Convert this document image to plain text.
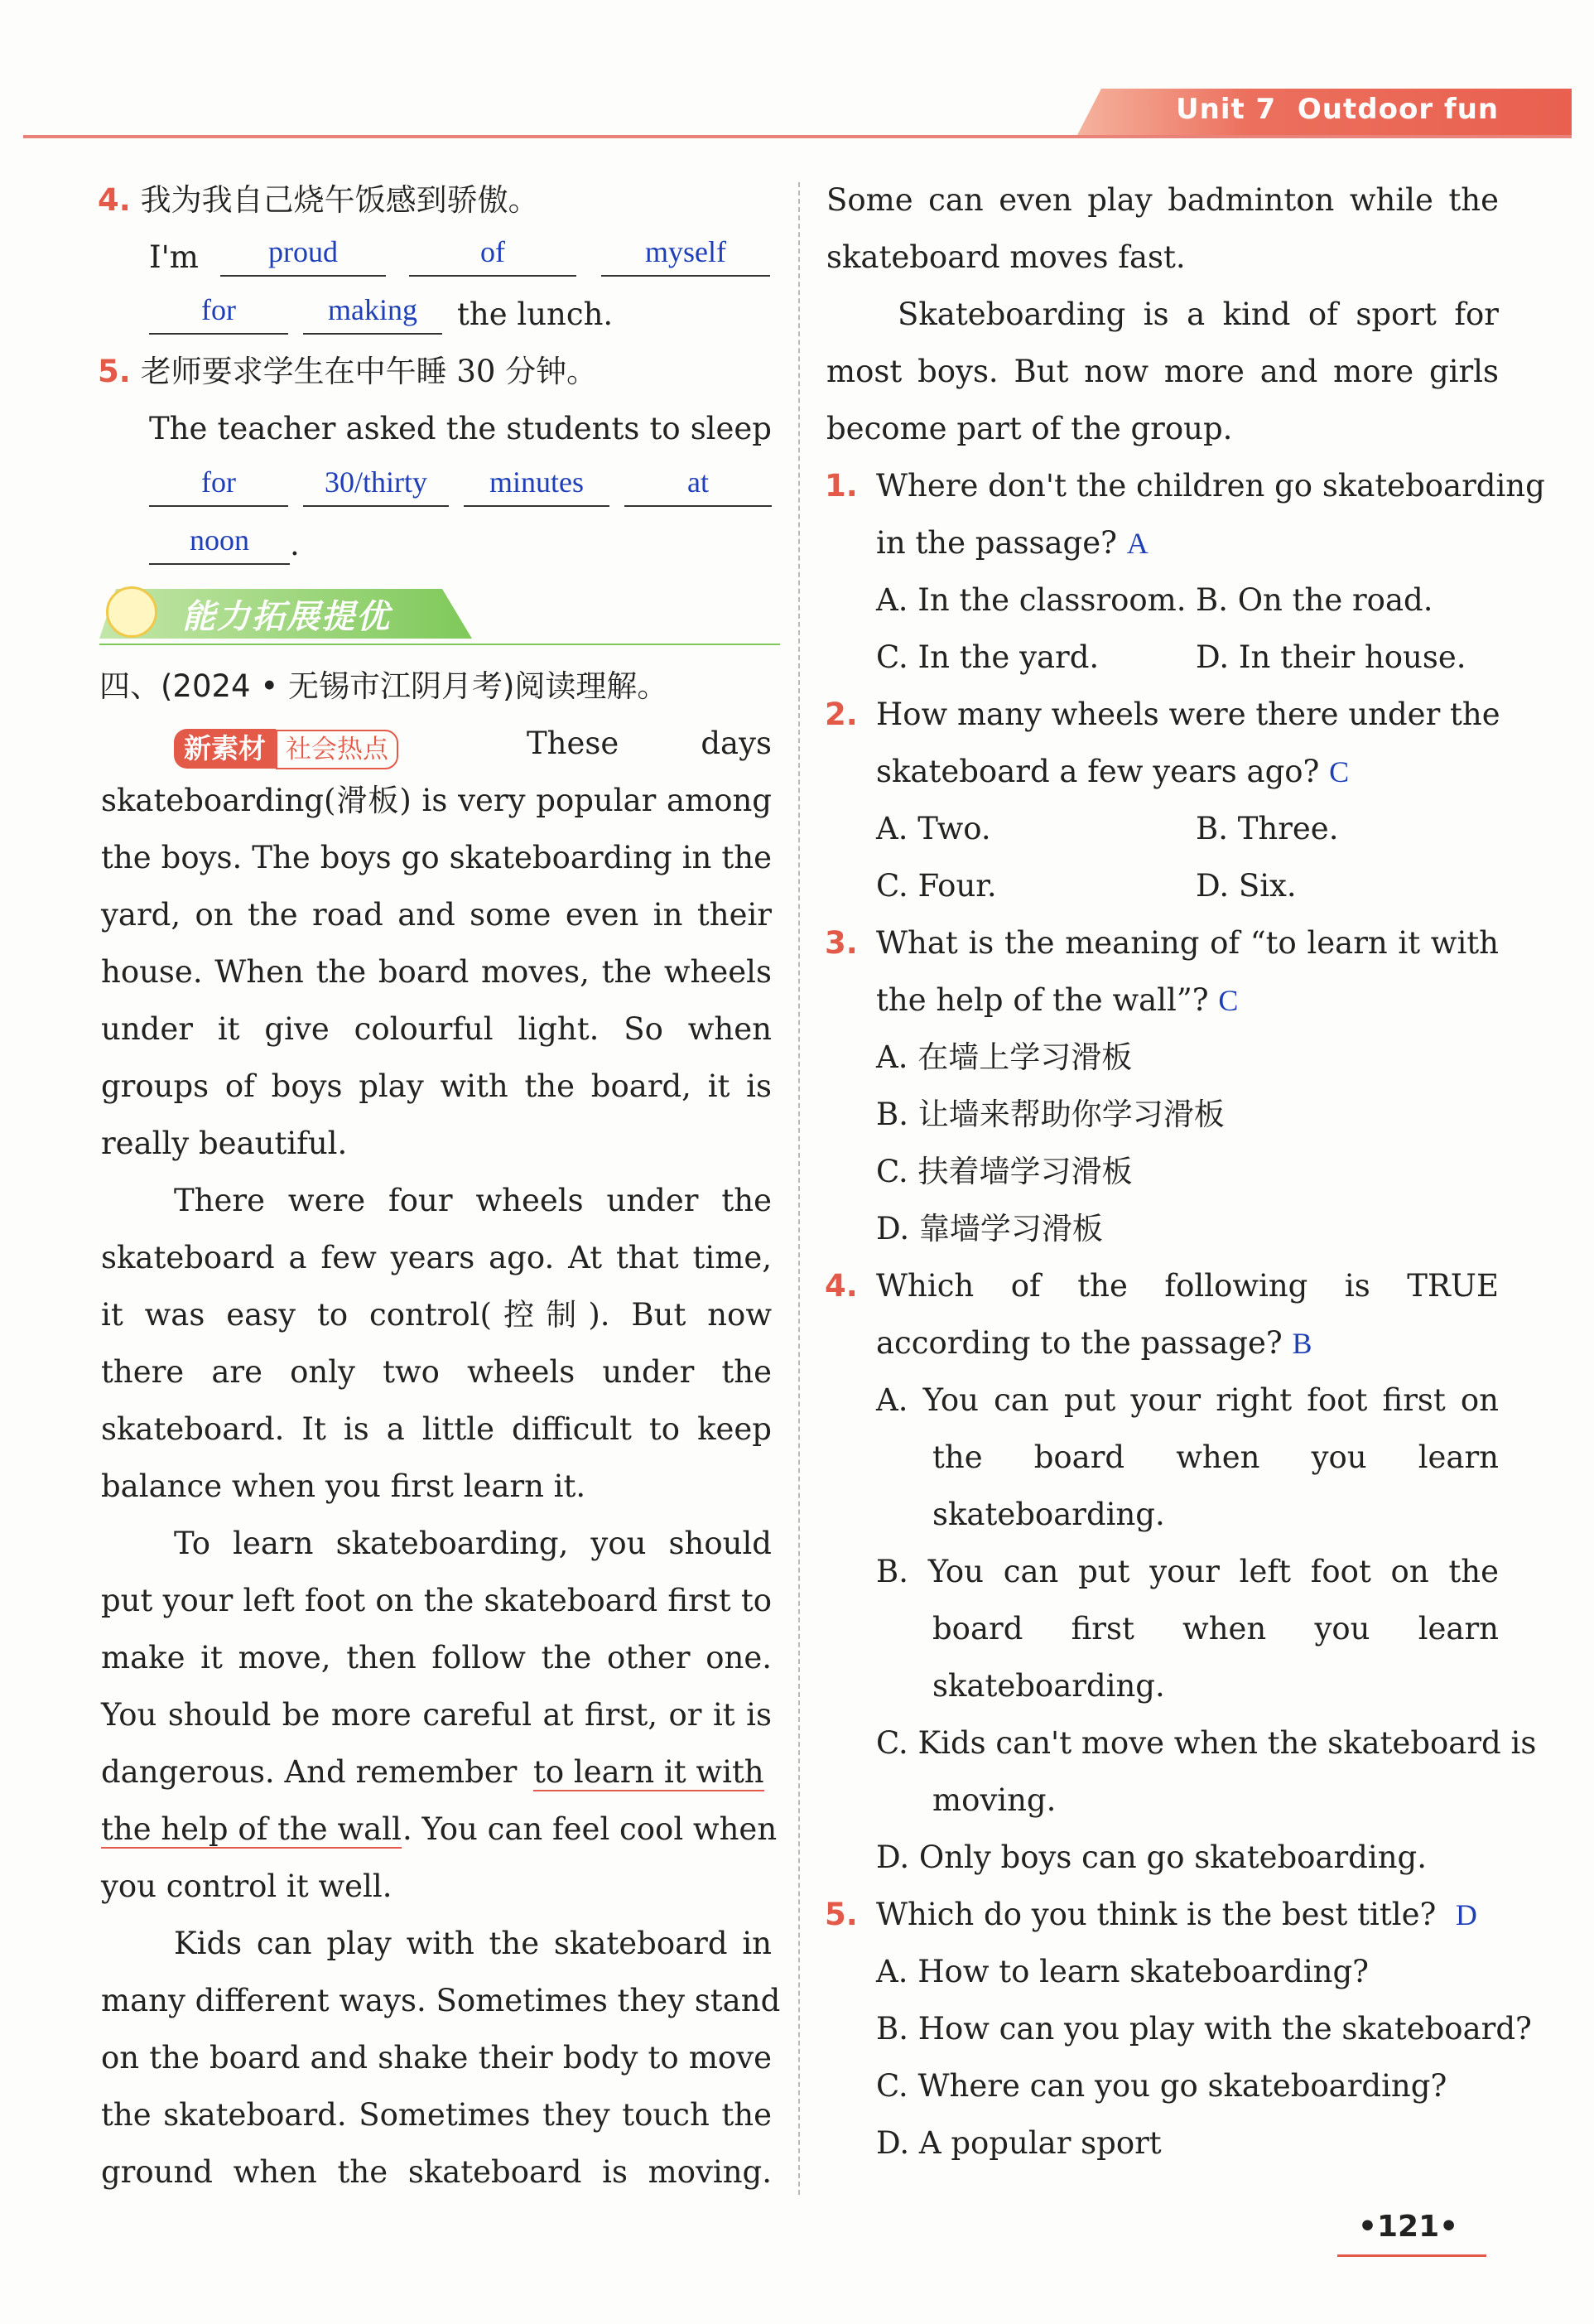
Unit 7 Outdoor fun
4. 我为我自己烧午饭感到骄傲。
I'm	proud	of	myself
for	making	the lunch.
5. 老师要求学生在中午睡 30 分钟。
The teacher asked the students to sleep
for	30/thirty	minutes	at
noon	.
能力拓展提优
四、(2024 • 无锡市江阴月考)阅读理解。
新素材 社会热点	These days
skateboarding(滑板) is very popular among
the boys. The boys go skateboarding in the
yard, on the road and some even in their
house. When the board moves, the wheels
under it give colourful light. So when
groups of boys play with the board, it is
really beautiful.
There were four wheels under the
skateboard a few years ago. At that time,
it was easy to control(控制). But now
there are only two wheels under the
skateboard. It is a little difficult to keep
balance when you first learn it.
To learn skateboarding, you should
put your left foot on the skateboard first to
make it move, then follow the other one.
You should be more careful at first, or it is
dangerous. And remember to learn it with
the help of the wall . You can feel cool when
you control it well.
Kids can play with the skateboard in
many different ways. Sometimes they stand
on the board and shake their body to move
the skateboard. Sometimes they touch the
ground when the skateboard is moving.
Some can even play badminton while the
skateboard moves fast.
Skateboarding is a kind of sport for
most boys. But now more and more girls
become part of the group.
1. Where don't the children go skateboarding
in the passage? A
A. In the classroom. B. On the road.
C. In the yard.	D. In their house.
2. How many wheels were there under the
skateboard a few years ago? C
A. Two.	B. Three.
C. Four.	D. Six.
3. What is the meaning of “to learn it with
the help of the wall”? C
A. 在墙上学习滑板
B. 让墙来帮助你学习滑板
C. 扶着墙学习滑板
D. 靠墙学习滑板
4. Which of the following is TRUE
according to the passage? B
A. You can put your right foot first on
the board when you learn
skateboarding.
B. You can put your left foot on the
board first when you learn
skateboarding.
C. Kids can't move when the skateboard is
moving.
D. Only boys can go skateboarding.
5. Which do you think is the best title? D
A. How to learn skateboarding?
B. How can you play with the skateboard?
C. Where can you go skateboarding?
D. A popular sport
•121•
